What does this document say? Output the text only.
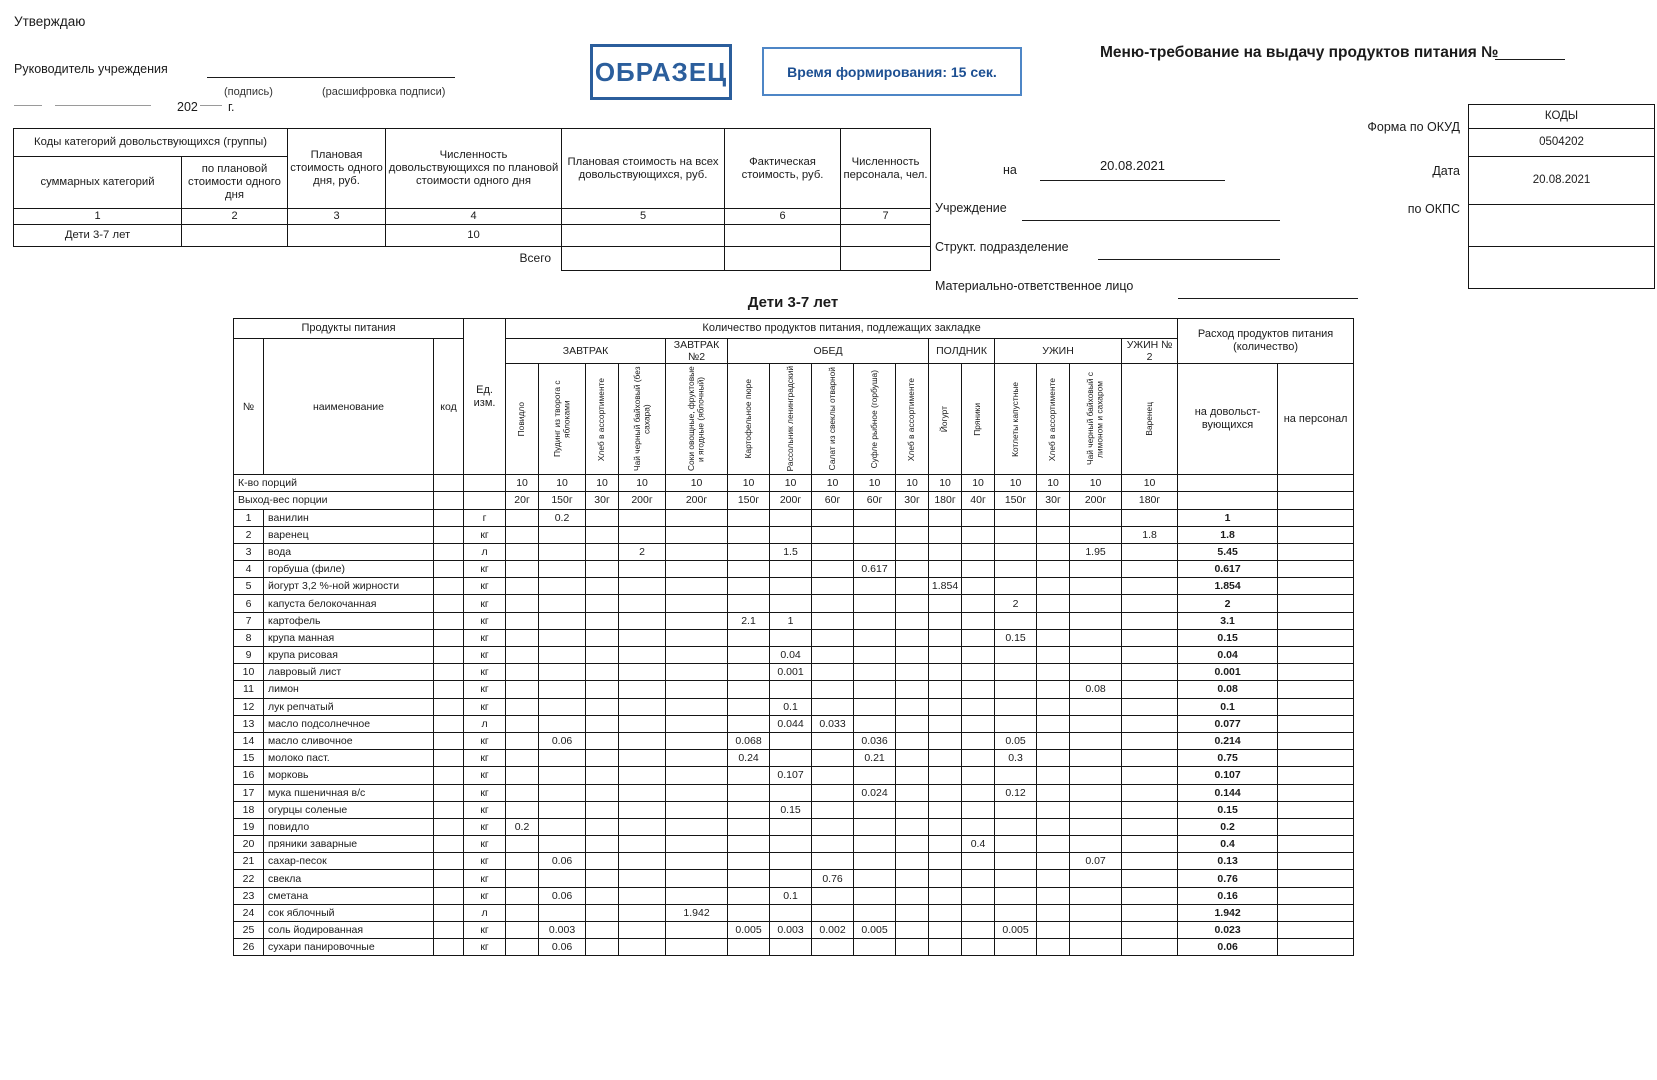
Утверждаю
Руководитель учреждения
(подпись)	(расшифровка подписи)
202 г.
ОБРАЗЕЦ	Время формирования: 15 сек.
Меню-требование на выдачу продуктов питания №
Форма по ОКУД
Дата
по ОКПС
КОДЫ
0504202
20.08.2021

на	20.08.2021
Учреждение
Структ. подразделение
Материально-ответственное лицо
Коды категорий довольствующихся (группы)		Плановая стоимость одного дня, руб.	Численность довольствующихся по плановой стоимости одного дня	Плановая стоимость на всех довольствующихся, руб.	Фактическая стоимость, руб.	Численность персонала, чел.
суммарных категорий	по плановой стоимости одного дня					
1	2	3	4	5	6	7
Дети 3-7 лет			10			
Всего						
Дети 3-7 лет
Продукты питания			Ед. изм.	Количество продуктов питания, подлежащих закладке																Расход продуктов питания (количество)	
№	наименование	код		ЗАВТРАК				ЗАВТРАК №2	ОБЕД					ПОЛДНИК		УЖИН			УЖИН № 2		

				Повидло	Пудинг из творога с яблоками	Хлеб в ассортименте	Чай черный байховый (без сахара)	Соки овощные, фруктовые и ягодные (яблочный)	Картофельное пюре	Рассольник ленинградский	Салат из свеклы отварной	Суфле рыбное (горбуша)	Хлеб в ассортименте	Йогурт	Пряники	Котлеты капустные	Хлеб в ассортименте	Чай черный байховый с лимоном и сахаром	Варенец	на довольст-вующихся	на персонал
К-во порций				10	10	10	10	10	10	10	10	10	10	10	10	10	10	10	10		
Выход-вес порции				20г	150г	30г	200г	200г	150г	200г	60г	60г	30г	180г	40г	150г	30г	200г	180г		
1	ванилин		г		0.2															1	
2	варенец		кг																1.8	1.8	
3	вода		л				2			1.5								1.95		5.45	
4	горбуша (филе)		кг									0.617								0.617	
5	йогурт 3,2 %-ной жирности		кг											1.854						1.854	
6	капуста белокочанная		кг													2				2	
7	картофель		кг						2.1	1										3.1	
8	крупа манная		кг													0.15				0.15	
9	крупа рисовая		кг							0.04										0.04	
10	лавровый лист		кг							0.001										0.001	
11	лимон		кг															0.08		0.08	
12	лук репчатый		кг							0.1										0.1	
13	масло подсолнечное		л							0.044	0.033									0.077	
14	масло сливочное		кг		0.06				0.068			0.036				0.05				0.214	
15	молоко паст.		кг						0.24			0.21				0.3				0.75	
16	морковь		кг							0.107										0.107	
17	мука пшеничная в/с		кг									0.024				0.12				0.144	
18	огурцы соленые		кг							0.15										0.15	
19	повидло		кг	0.2																0.2	
20	пряники заварные		кг												0.4					0.4	
21	сахар-песок		кг		0.06													0.07		0.13	
22	свекла		кг								0.76									0.76	
23	сметана		кг		0.06					0.1										0.16	
24	сок яблочный		л					1.942												1.942	
25	соль йодированная		кг		0.003				0.005	0.003	0.002	0.005				0.005				0.023	
26	сухари панировочные		кг		0.06															0.06	
